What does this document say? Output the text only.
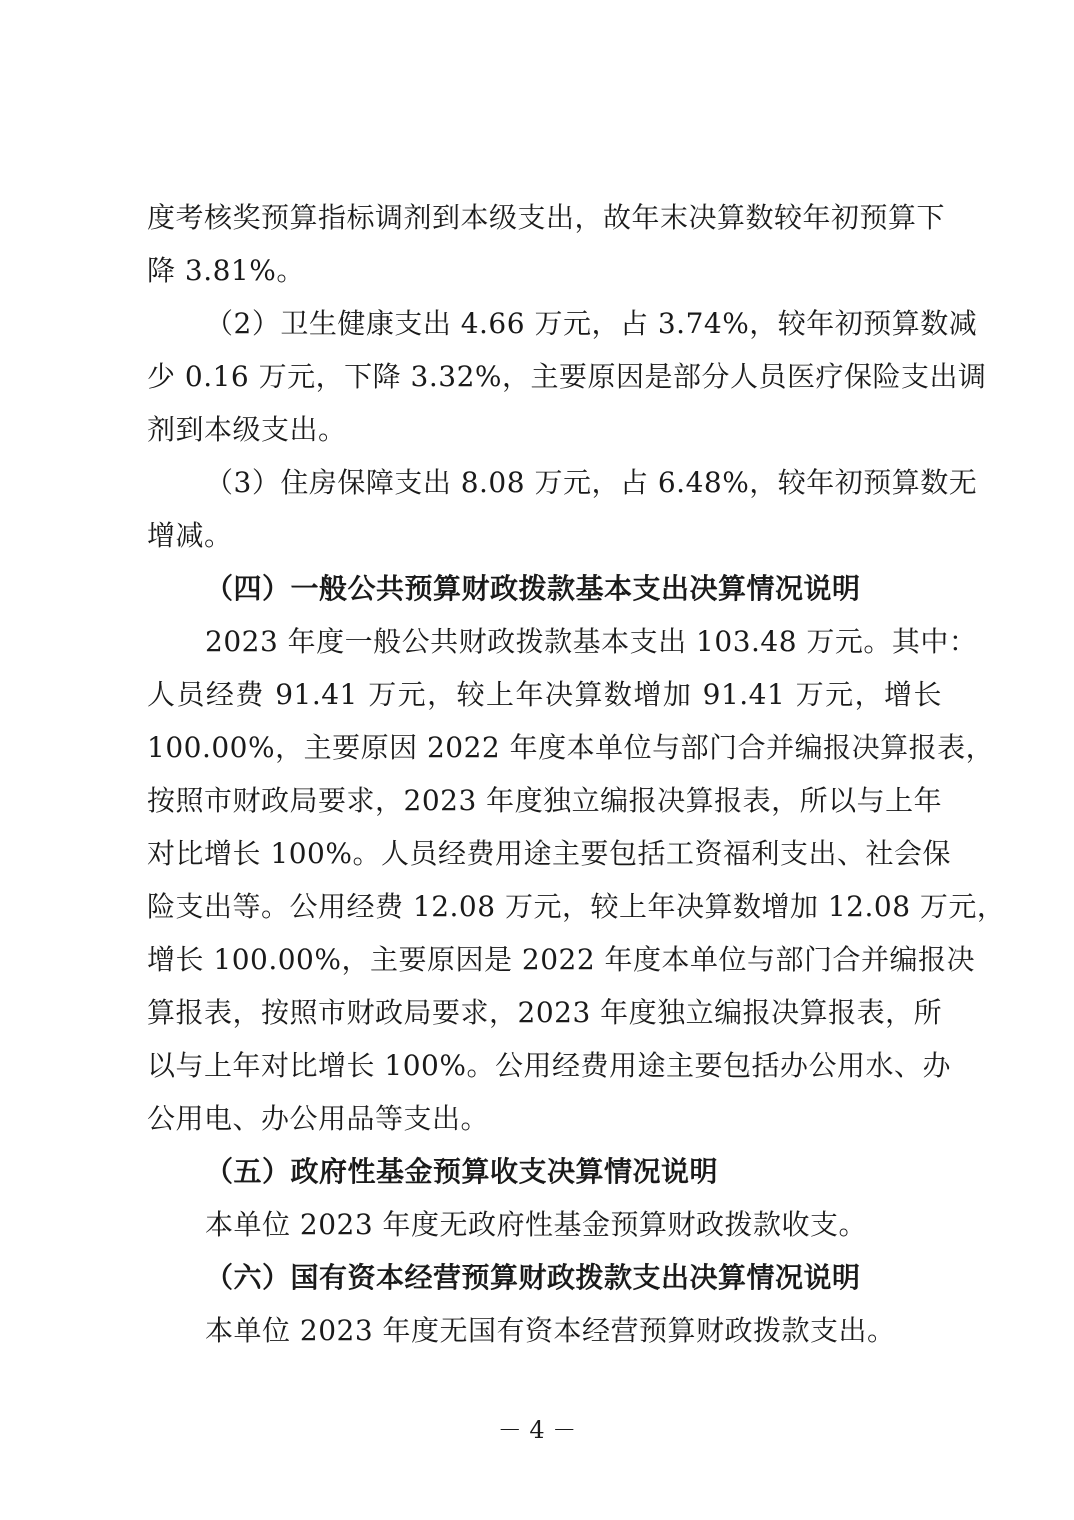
度考核奖预算指标调剂到本级支出，故年末决算数较年初预算下
降 3.81%。
（2）卫生健康支出 4.66 万元，占 3.74%，较年初预算数减
少 0.16 万元，下降 3.32%，主要原因是部分人员医疗保险支出调
剂到本级支出。
（3）住房保障支出 8.08 万元，占 6.48%，较年初预算数无
增减。
（四）一般公共预算财政拨款基本支出决算情况说明
2023 年度一般公共财政拨款基本支出 103.48 万元。其中：
人员经费 91.41 万元，较上年决算数增加 91.41 万元，增长
100.00%，主要原因 2022 年度本单位与部门合并编报决算报表，
按照市财政局要求，2023 年度独立编报决算报表，所以与上年
对比增长 100%。人员经费用途主要包括工资福利支出、社会保
险支出等。公用经费 12.08 万元，较上年决算数增加 12.08 万元，
增长 100.00%，主要原因是 2022 年度本单位与部门合并编报决
算报表，按照市财政局要求，2023 年度独立编报决算报表，所
以与上年对比增长 100%。公用经费用途主要包括办公用水、办
公用电、办公用品等支出。
（五）政府性基金预算收支决算情况说明
本单位 2023 年度无政府性基金预算财政拨款收支。
（六）国有资本经营预算财政拨款支出决算情况说明
本单位 2023 年度无国有资本经营预算财政拨款支出。
－ 4 －
